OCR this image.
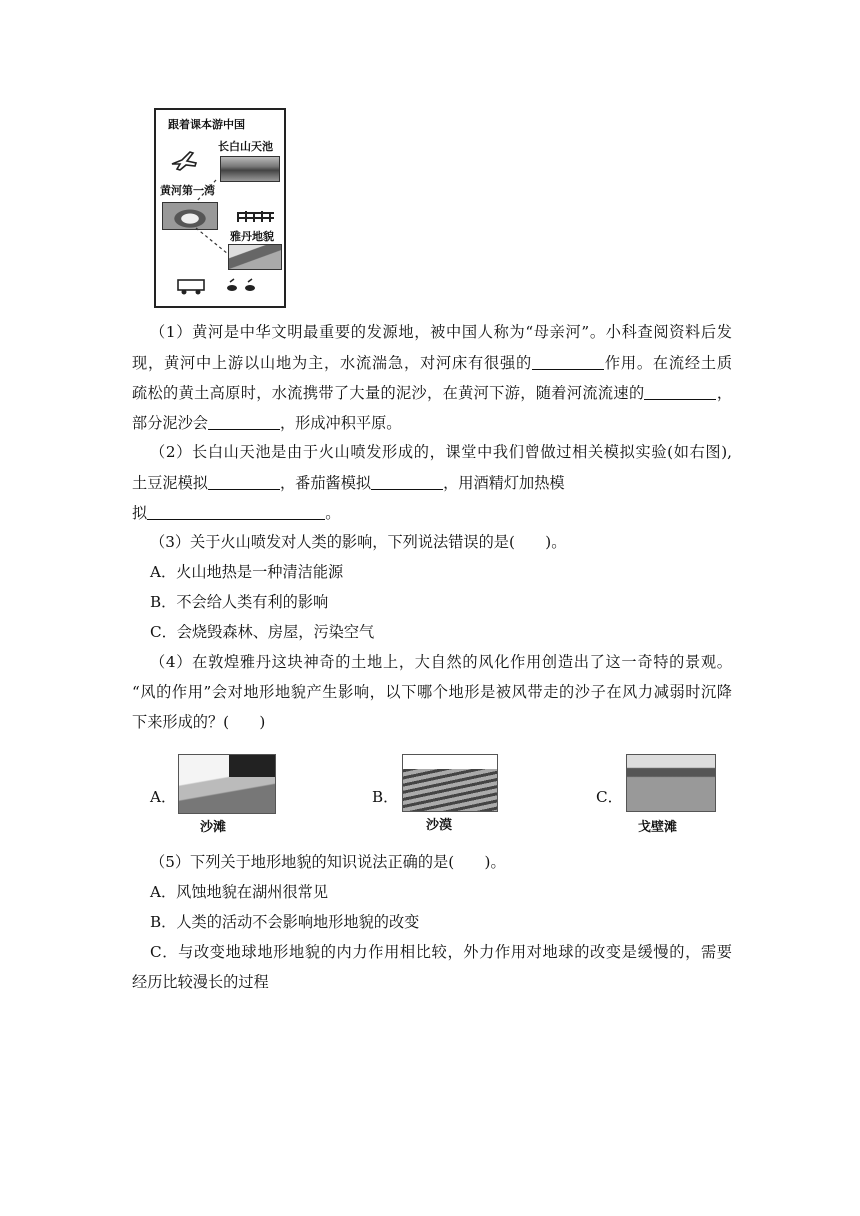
跟着课本游中国
长白山天池
黄河第一湾
雅丹地貌
（1）黄河是中华文明最重要的发源地，被中国人称为“母亲河”。小科查阅资料后发
现，黄河中上游以山地为主，水流湍急，对河床有很强的	作用。在流经土质
疏松的黄土高原时，水流携带了大量的泥沙，在黄河下游，随着河流流速的	，
部分泥沙会	，形成冲积平原。
（2）长白山天池是由于火山喷发形成的，课堂中我们曾做过相关模拟实验(如右图),
土豆泥模拟	，番茄酱模拟	，用酒精灯加热模
拟	。
（3）关于火山喷发对人类的影响，下列说法错误的是(　　)。
A．火山地热是一种清洁能源
B．不会给人类有利的影响
C．会烧毁森林、房屋，污染空气
（4）在敦煌雅丹这块神奇的土地上，大自然的风化作用创造出了这一奇特的景观。
“风的作用”会对地形地貌产生影响，以下哪个地形是被风带走的沙子在风力减弱时沉降
下来形成的？(　　)
A．
沙滩
B．
沙漠
C．
戈壁滩
（5）下列关于地形地貌的知识说法正确的是(　　)。
A．风蚀地貌在湖州很常见
B．人类的活动不会影响地形地貌的改变
C．与改变地球地形地貌的内力作用相比较，外力作用对地球的改变是缓慢的，需要
经历比较漫长的过程
